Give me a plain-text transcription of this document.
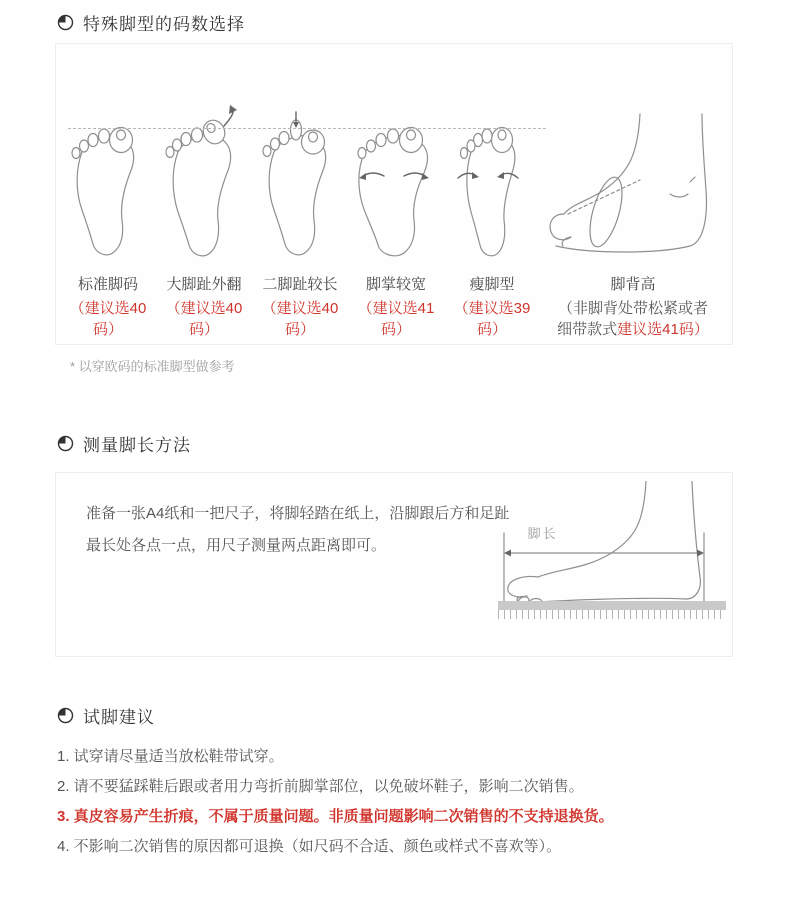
特殊脚型的码数选择
标准脚码
（建议选40码）
大脚趾外翻
（建议选40码）
二脚趾较长
（建议选40码）
脚掌较宽
（建议选41码）
瘦脚型
（建议选39码）
脚背高
（非脚背处带松紧或者
细带款式建议选41码）
* 以穿欧码的标准脚型做参考
测量脚长方法
准备一张A4纸和一把尺子，将脚轻踏在纸上，沿脚跟后方和足趾最长处各点一点，用尺子测量两点距离即可。
脚长
试脚建议
1. 试穿请尽量适当放松鞋带试穿。
2. 请不要猛踩鞋后跟或者用力弯折前脚掌部位，以免破坏鞋子，影响二次销售。
3. 真皮容易产生折痕，不属于质量问题。非质量问题影响二次销售的不支持退换货。
4. 不影响二次销售的原因都可退换（如尺码不合适、颜色或样式不喜欢等）。
